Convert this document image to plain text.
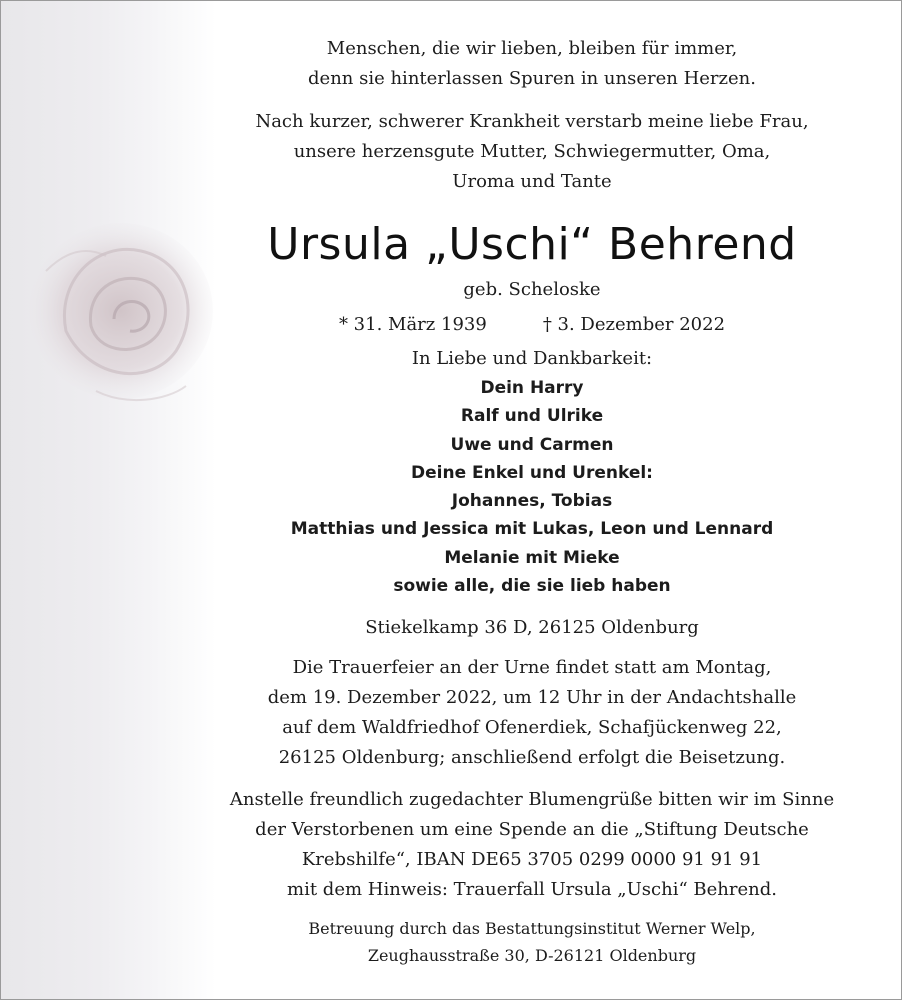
Menschen, die wir lieben, bleiben für immer,
denn sie hinterlassen Spuren in unseren Herzen.
Nach kurzer, schwerer Krankheit verstarb meine liebe Frau,
unsere herzensgute Mutter, Schwiegermutter, Oma,
Uroma und Tante
Ursula „Uschi“ Behrend
geb. Scheloske
* 31. März 1939	† 3. Dezember 2022
In Liebe und Dankbarkeit:
Dein Harry
Ralf und Ulrike
Uwe und Carmen
Deine Enkel und Urenkel:
Johannes, Tobias
Matthias und Jessica mit Lukas, Leon und Lennard
Melanie mit Mieke
sowie alle, die sie lieb haben
Stiekelkamp 36 D, 26125 Oldenburg
Die Trauerfeier an der Urne findet statt am Montag,
dem 19. Dezember 2022, um 12 Uhr in der Andachtshalle
auf dem Waldfriedhof Ofenerdiek, Schafjückenweg 22,
26125 Oldenburg; anschließend erfolgt die Beisetzung.
Anstelle freundlich zugedachter Blumengrüße bitten wir im Sinne
der Verstorbenen um eine Spende an die „Stiftung Deutsche
Krebshilfe“, IBAN DE65 3705 0299 0000 91 91 91
mit dem Hinweis: Trauerfall Ursula „Uschi“ Behrend.
Betreuung durch das Bestattungsinstitut Werner Welp,
Zeughausstraße 30, D-26121 Oldenburg
